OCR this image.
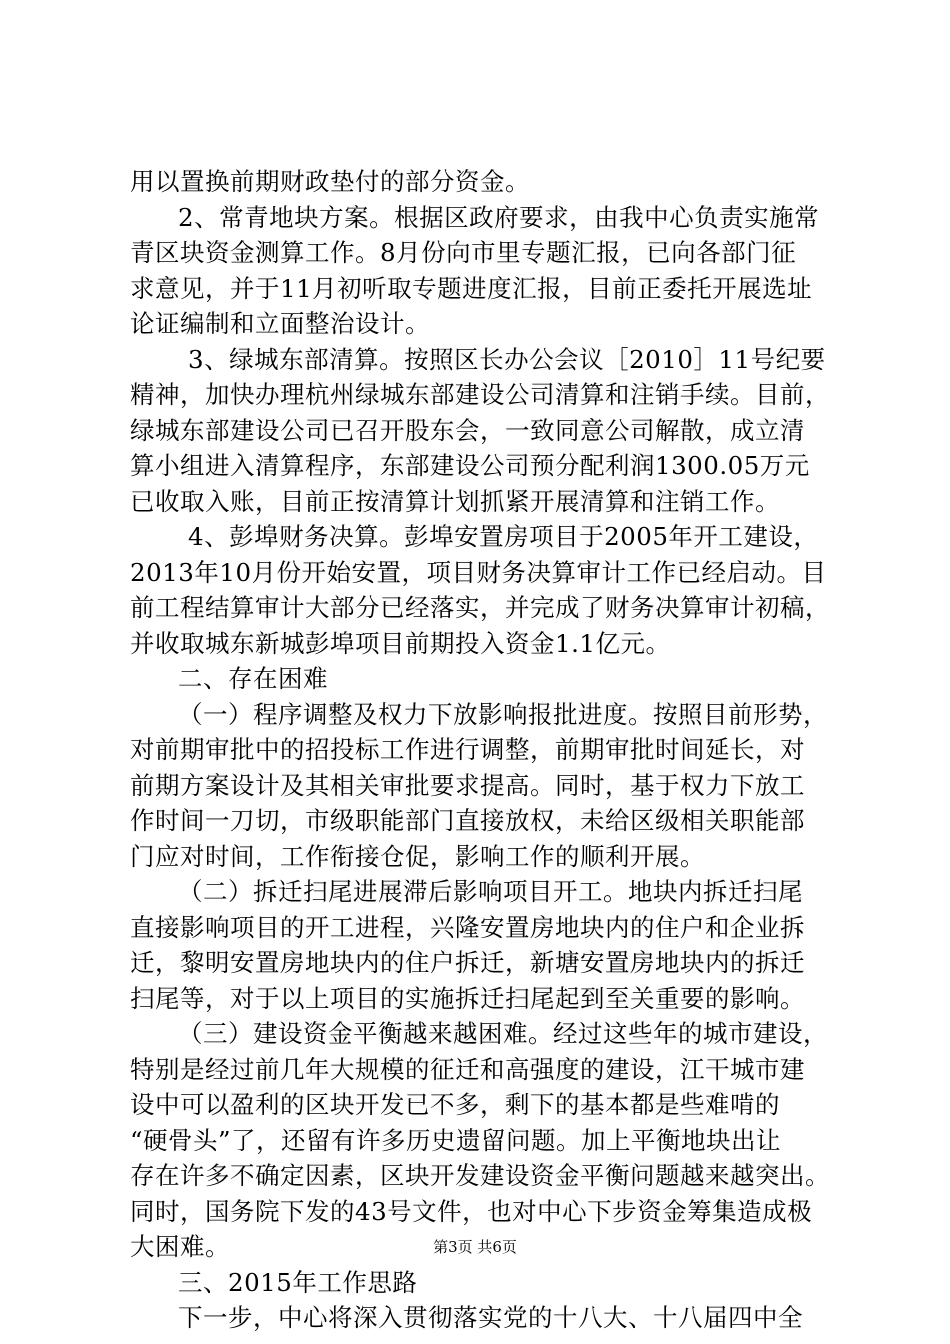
用以置换前期财政垫付的部分资金。
2、常青地块方案。根据区政府要求，由我中心负责实施常
青区块资金测算工作。8月份向市里专题汇报，已向各部门征
求意见，并于11月初听取专题进度汇报，目前正委托开展选址
论证编制和立面整治设计。
3、绿城东部清算。按照区长办公会议［2010］11号纪要
精神，加快办理杭州绿城东部建设公司清算和注销手续。目前，
绿城东部建设公司已召开股东会，一致同意公司解散，成立清
算小组进入清算程序，东部建设公司预分配利润1300.05万元
已收取入账，目前正按清算计划抓紧开展清算和注销工作。
4、彭埠财务决算。彭埠安置房项目于2005年开工建设，
2013年10月份开始安置，项目财务决算审计工作已经启动。目
前工程结算审计大部分已经落实，并完成了财务决算审计初稿，
并收取城东新城彭埠项目前期投入资金1.1亿元。
二、存在困难
（一）程序调整及权力下放影响报批进度。按照目前形势，
对前期审批中的招投标工作进行调整，前期审批时间延长，对
前期方案设计及其相关审批要求提高。同时，基于权力下放工
作时间一刀切，市级职能部门直接放权，未给区级相关职能部
门应对时间，工作衔接仓促，影响工作的顺利开展。
（二）拆迁扫尾进展滞后影响项目开工。地块内拆迁扫尾
直接影响项目的开工进程，兴隆安置房地块内的住户和企业拆
迁，黎明安置房地块内的住户拆迁，新塘安置房地块内的拆迁
扫尾等，对于以上项目的实施拆迁扫尾起到至关重要的影响。
（三）建设资金平衡越来越困难。经过这些年的城市建设，
特别是经过前几年大规模的征迁和高强度的建设，江干城市建
设中可以盈利的区块开发已不多，剩下的基本都是些难啃的
“硬骨头”了，还留有许多历史遗留问题。加上平衡地块出让
存在许多不确定因素，区块开发建设资金平衡问题越来越突出。
同时，国务院下发的43号文件，也对中心下步资金筹集造成极
大困难。
三、2015年工作思路
下一步，中心将深入贯彻落实党的十八大、十八届四中全
第3页 共6页
